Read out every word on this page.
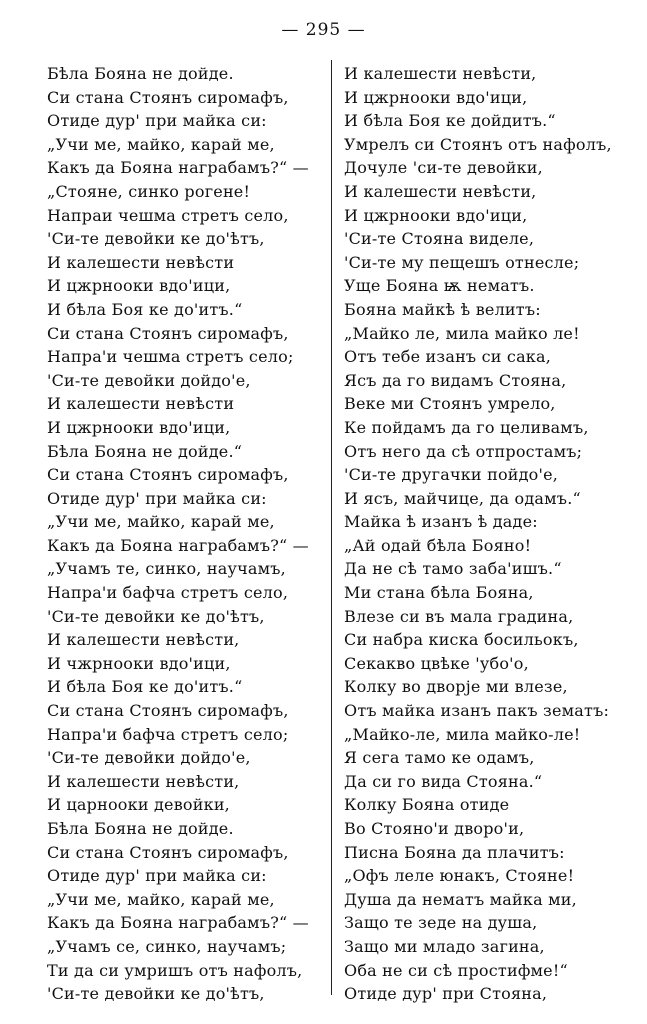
— 295 —
Бѣла Бояна не дойде.
Си стана Стоянъ сиромафъ,
Отиде дур' при майка си:
„Учи ме, майко, карай ме,
Какъ да Бояна награбамъ?“ —
„Стояне, синко рогене!
Напраи чешма стретъ село,
'Си-те девойки ке до'ѣтъ,
И калешести невѣсти
И цжрнооки вдо'ици,
И бѣла Боя ке до'итъ.“
Си стана Стоянъ сиромафъ,
Напра'и чешма стретъ село;
'Си-те девойки дойдо'е,
И калешести невѣсти
И цжрнооки вдо'ици,
Бѣла Бояна не дойде.“
Си стана Стоянъ сиромафъ,
Отиде дур' при майка си:
„Учи ме, майко, карай ме,
Какъ да Бояна награбамъ?“ —
„Учамъ те, синко, научамъ,
Напра'и бафча стретъ село,
'Си-те девойки ке до'ѣтъ,
И калешести невѣсти,
И чжрнооки вдо'ици,
И бѣла Боя ке до'итъ.“
Си стана Стоянъ сиромафъ,
Напра'и бафча стретъ село;
'Си-те девойки дойдо'е,
И калешести невѣсти,
И царнооки девойки,
Бѣла Бояна не дойде.
Си стана Стоянъ сиромафъ,
Отиде дур' при майка си:
„Учи ме, майко, карай ме,
Какъ да Бояна награбамъ?“ —
„Учамъ се, синко, научамъ;
Ти да си умришъ отъ нафолъ,
'Си-те девойки ке до'ѣтъ,
И калешести невѣсти,
И цжрнооки вдо'ици,
И бѣла Боя ке дойдитъ.“
Умрелъ си Стоянъ отъ нафолъ,
Дочуле 'си-те девойки,
И калешести невѣсти,
И цжрнооки вдо'ици,
'Си-те Стояна виделе,
'Си-те му пещешъ отнесле;
Уще Бояна ѭ нематъ.
Бояна майкѣ ѣ велитъ:
„Майко ле, мила майко ле!
Отъ тебе изанъ си сака,
Ясъ да го видамъ Стояна,
Веке ми Стоянъ умрело,
Ке пойдамъ да го целивамъ,
Отъ него да сѣ отпростамъ;
'Си-те другачки пойдо'е,
И ясъ, майчице, да одамъ.“
Майка ѣ изанъ ѣ даде:
„Ай одай бѣла Бояно!
Да не сѣ тамо заба'ишъ.“
Ми стана бѣла Бояна,
Влезе си въ мала градина,
Си набра киска босильокъ,
Секакво цвѣке 'убо'о,
Колку во дворје ми влезе,
Отъ майка изанъ пакъ зематъ:
„Майко-ле, мила майко-ле!
Я сега тамо ке одамъ,
Да си го вида Стояна.“
Колку Бояна отиде
Во Стояно'и дворо'и,
Писна Бояна да плачитъ:
„Офъ леле юнакъ, Стояне!
Душа да нематъ майка ми,
Защо те зеде на душа,
Защо ми младо загина,
Оба не си сѣ простифме!“
Отиде дур' при Стояна,
